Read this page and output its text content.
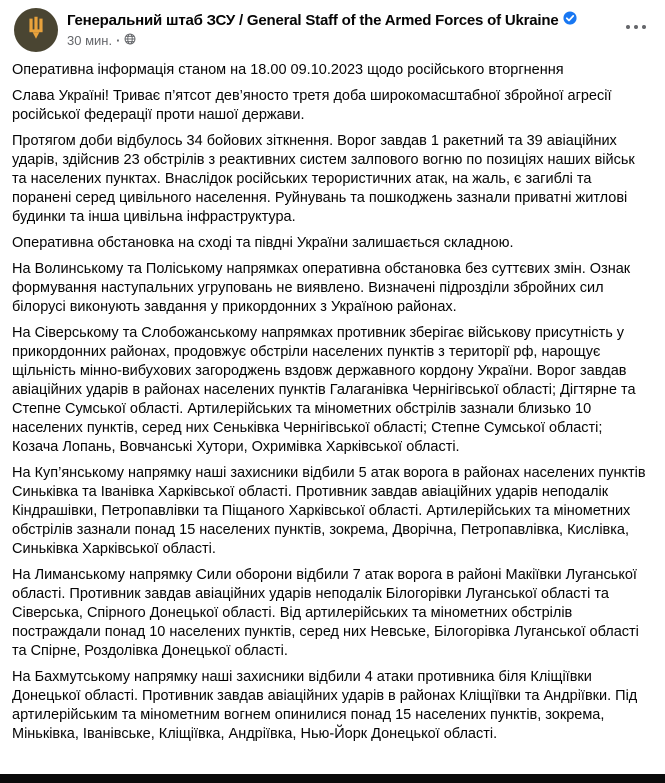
Генеральний штаб ЗСУ / General Staff of the Armed Forces of Ukraine
30 мин. ·

Оперативна інформація станом на 18.00 09.10.2023 щодо російського вторгнення

Слава Україні! Триває п’ятсот дев’яносто третя доба широкомасштабної збройної агресії російської федерації проти нашої держави.

Протягом доби відбулось 34 бойових зіткнення. Ворог завдав 1 ракетний та 39 авіаційних ударів, здійснив 23 обстрілів з реактивних систем залпового вогню по позиціях наших військ та населених пунктах. Внаслідок російських терористичних атак, на жаль, є загиблі та поранені серед цивільного населення. Руйнувань та пошкоджень зазнали приватні житлові будинки та інша цивільна інфраструктура.

Оперативна обстановка на сході та півдні України залишається складною.

На Волинському та Поліському напрямках оперативна обстановка без суттєвих змін. Ознак формування наступальних угруповань не виявлено. Визначені підрозділи збройних сил білорусі виконують завдання у прикордонних з Україною районах.

На Сіверському та Слобожанському напрямках противник зберігає військову присутність у прикордонних районах, продовжує обстріли населених пунктів з території рф, нарощує щільність мінно-вибухових загороджень вздовж державного кордону України. Ворог завдав авіаційних ударів в районах населених пунктів Галаганівка Чернігівської області; Дігтярне та Степне Сумської області. Артилерійських та мінометних обстрілів зазнали близько 10 населених пунктів, серед них Сеньківка Чернігівської області; Степне Сумської області; Козача Лопань, Вовчанські Хутори, Охримівка Харківської області.

На Куп’янському напрямку наші захисники відбили 5 атак ворога в районах населених пунктів Синьківка та Іванівка Харківської області. Противник завдав авіаційних ударів неподалік Кіндрашівки, Петропавлівки та Піщаного Харківської області. Артилерійських та мінометних обстрілів зазнали понад 15 населених пунктів, зокрема, Дворічна, Петропавлівка, Кислівка, Синьківка Харківської області.

На Лиманському напрямку Сили оборони відбили 7 атак ворога в районі Макіївки Луганської області. Противник завдав авіаційних ударів неподалік Білогорівки Луганської області та Сіверська, Спірного Донецької області. Від артилерійських та мінометних обстрілів постраждали понад 10 населених пунктів, серед них Невське, Білогорівка Луганської області та Спірне, Роздолівка Донецької області.

На Бахмутському напрямку наші захисники відбили 4 атаки противника біля Кліщіївки Донецької області. Противник завдав авіаційних ударів в районах Кліщіївки та Андріївки. Під артилерійським та мінометним вогнем опинилися понад 15 населених пунктів, зокрема, Міньківка, Іванівське, Кліщіївка, Андріївка, Нью-Йорк Донецької області.
